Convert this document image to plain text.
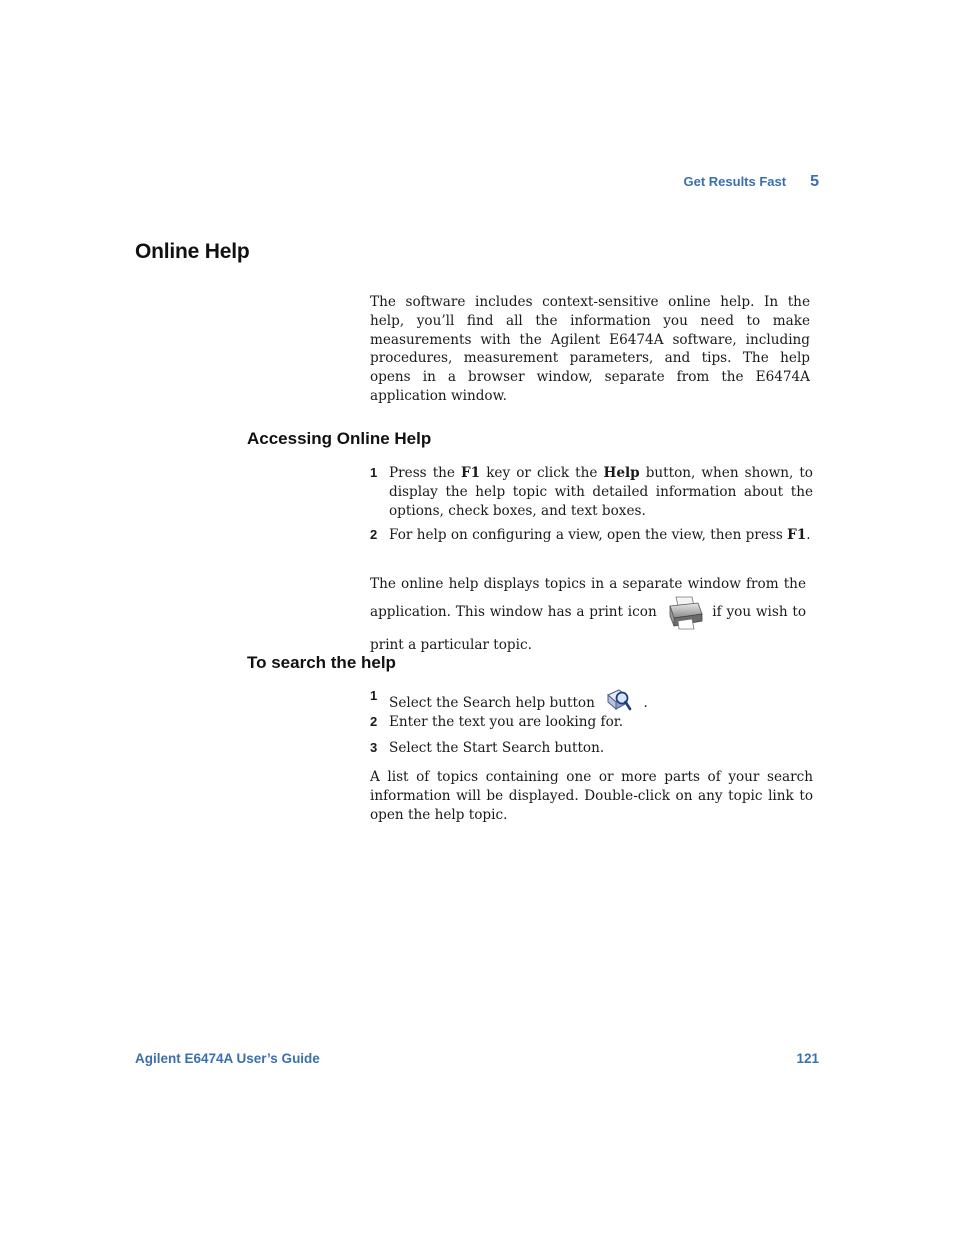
Get Results Fast 5
Online Help

The software includes context-sensitive online help. In the help, you’ll find all the information you need to make measurements with the Agilent E6474A software, including procedures, measurement parameters, and tips. The help opens in a browser window, separate from the E6474A application window.

Accessing Online Help
1 Press the F1 key or click the Help button, when shown, to display the help topic with detailed information about the options, check boxes, and text boxes.
2 For help on configuring a view, open the view, then press F1.

The online help displays topics in a separate window from the application. This window has a print icon	if you wish to print a particular topic.

To search the help
1 Select the Search help button	.
2 Enter the text you are looking for.
3 Select the Start Search button.

A list of topics containing one or more parts of your search information will be displayed. Double-click on any topic link to open the help topic.

Agilent E6474A User’s Guide	121
